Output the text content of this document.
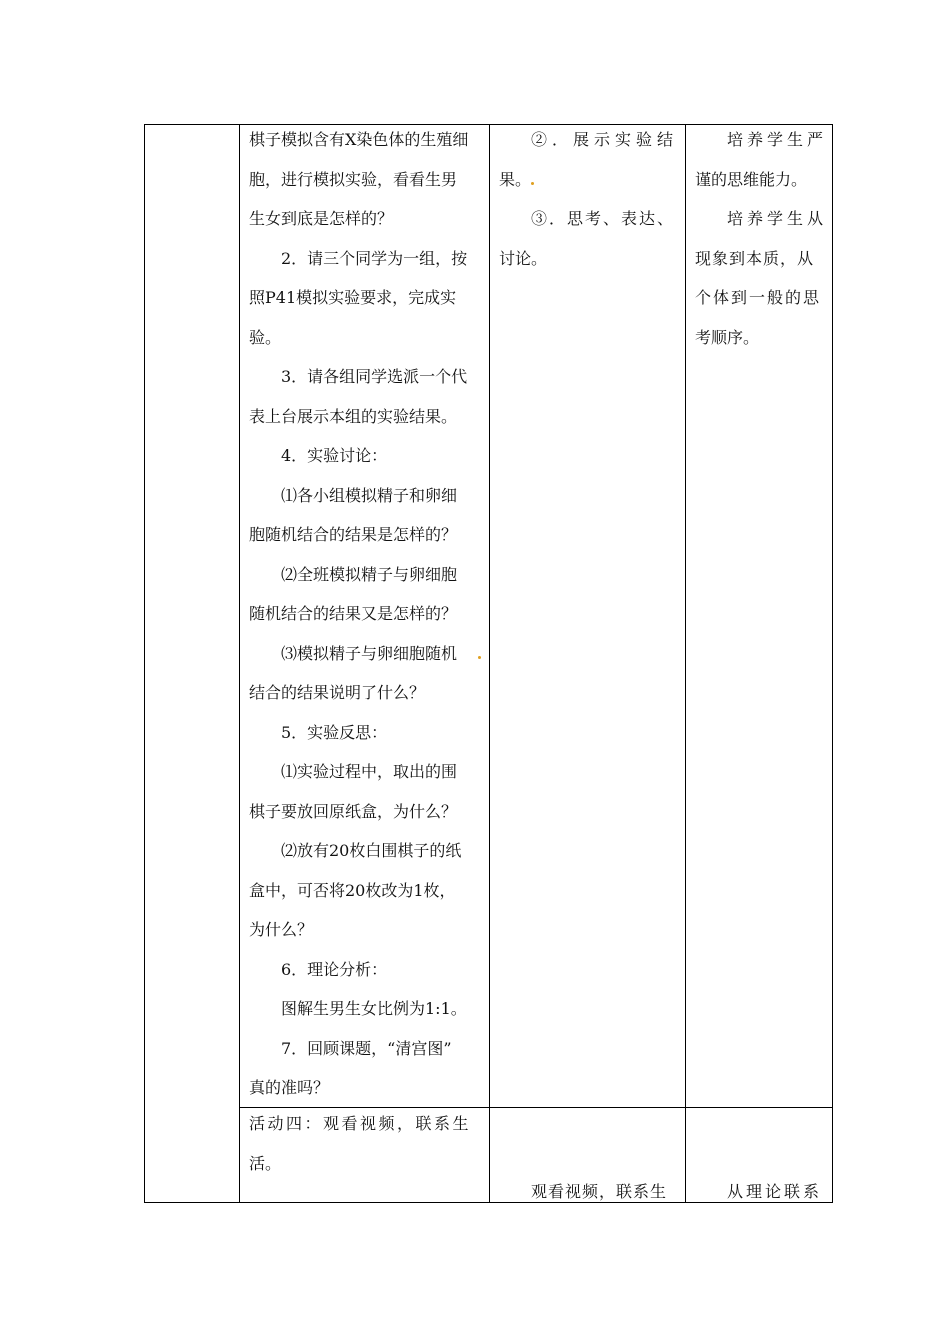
棋子模拟含有X染色体的生殖细

胞，进行模拟实验，看看生男

生女到底是怎样的？

2．请三个同学为一组，按

照P41模拟实验要求，完成实

验。

3．请各组同学选派一个代

表上台展示本组的实验结果。

4．实验讨论：

⑴各小组模拟精子和卵细

胞随机结合的结果是怎样的？

⑵全班模拟精子与卵细胞

随机结合的结果又是怎样的？

⑶模拟精子与卵细胞随机

结合的结果说明了什么？

5．实验反思：

⑴实验过程中，取出的围

棋子要放回原纸盒，为什么？

⑵放有20枚白围棋子的纸

盒中，可否将20枚改为1枚，

为什么？

6．理论分析：

图解生男生女比例为1:1。

7．回顾课题，“清宫图”

真的准吗？

②．展示实验结

果。

③．思考、表达、

讨论。

培养学生严

谨的思维能力。

培养学生从

现象到本质，从

个体到一般的思

考顺序。

活动四：观看视频，联系生

活。

观看视频，联系生	从理论联系
